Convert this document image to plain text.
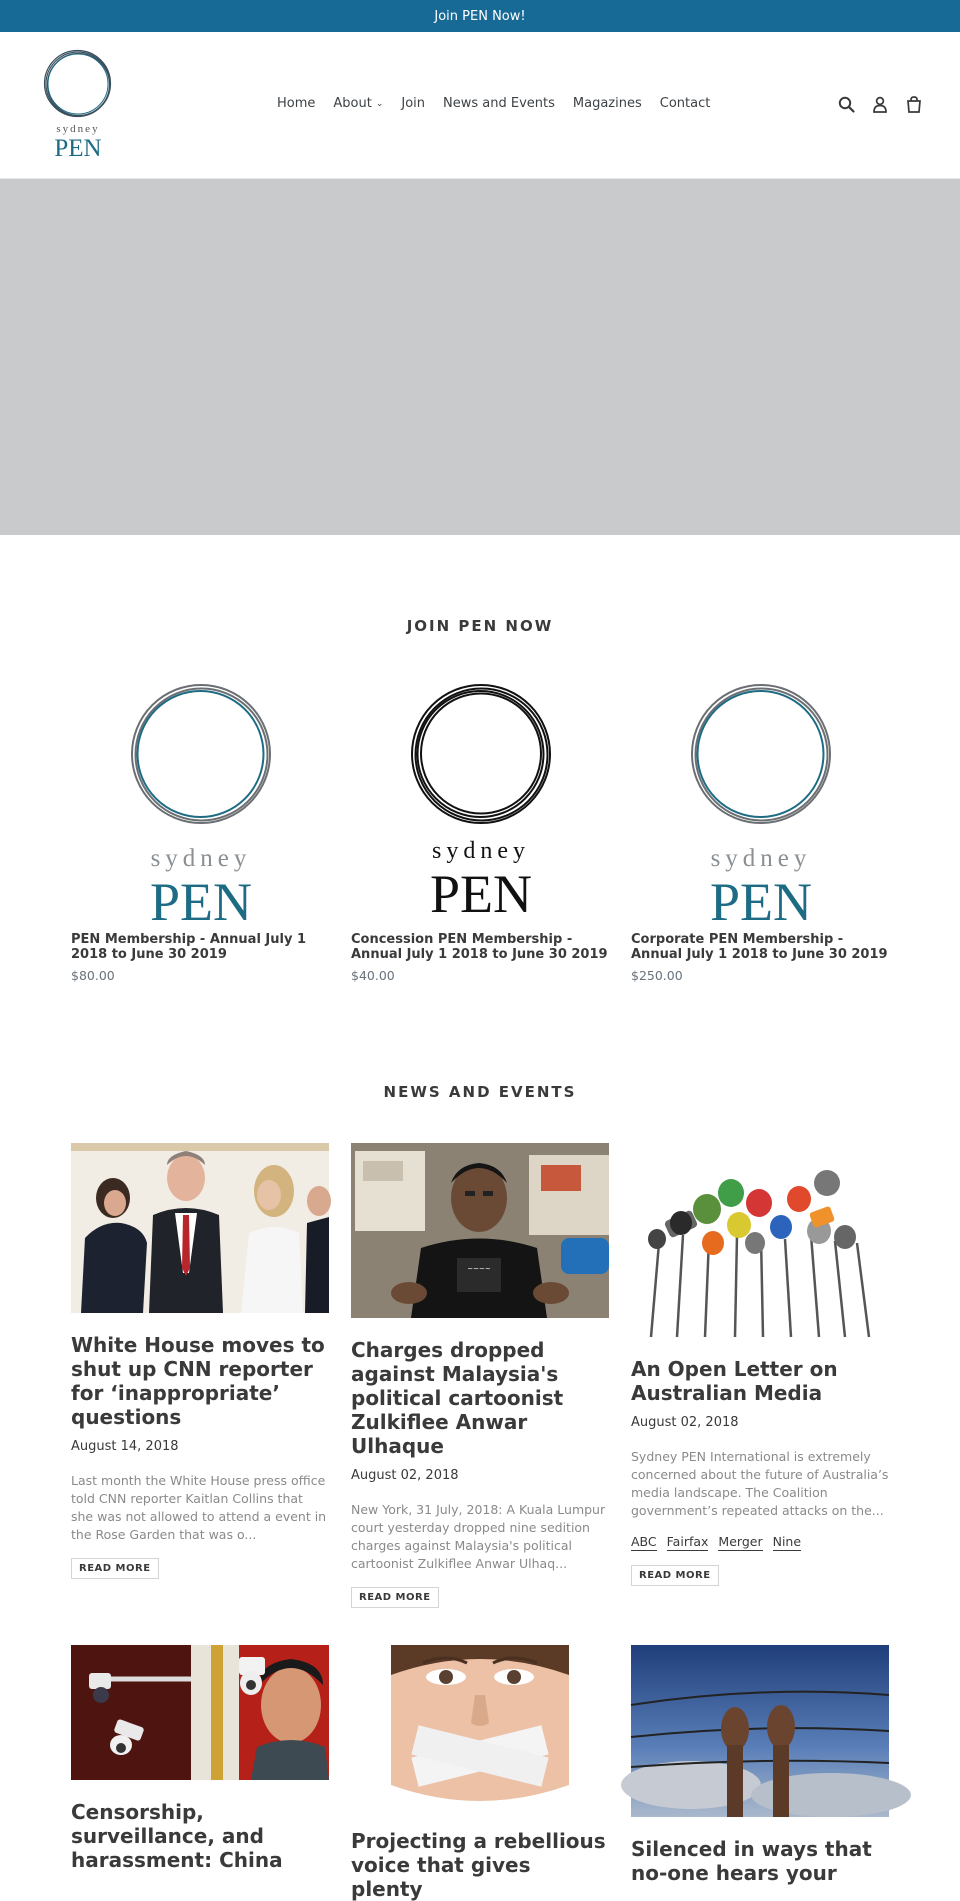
Join PEN Now!
sydney
PEN
Home About ⌄ Join News and Events Magazines Contact
JOIN PEN NOW
sydney
PEN
PEN Membership - Annual July 1 2018 to June 30 2019
$80.00
sydney
PEN
Concession PEN Membership - Annual July 1 2018 to June 30 2019
$40.00
sydney
PEN
Corporate PEN Membership - Annual July 1 2018 to June 30 2019
$250.00
NEWS AND EVENTS
White House moves to shut up CNN reporter for ‘inappropriate’ questions
August 14, 2018
Last month the White House press office told CNN reporter Kaitlan Collins that she was not allowed to attend a event in the Rose Garden that was o...
READ MORE
~~~~
Charges dropped against Malaysia's political cartoonist Zulkiflee Anwar Ulhaque
August 02, 2018
New York, 31 July, 2018: A Kuala Lumpur court yesterday dropped nine sedition charges against Malaysia's political cartoonist Zulkiflee Anwar Ulhaq...
READ MORE
An Open Letter on Australian Media
August 02, 2018
Sydney PEN International is extremely concerned about the future of Australia’s media landscape. The Coalition government’s repeated attacks on the...
ABC Fairfax Merger Nine
READ MORE
Censorship, surveillance, and harassment: China
Projecting a rebellious voice that gives plenty
Silenced in ways that no-one hears your
